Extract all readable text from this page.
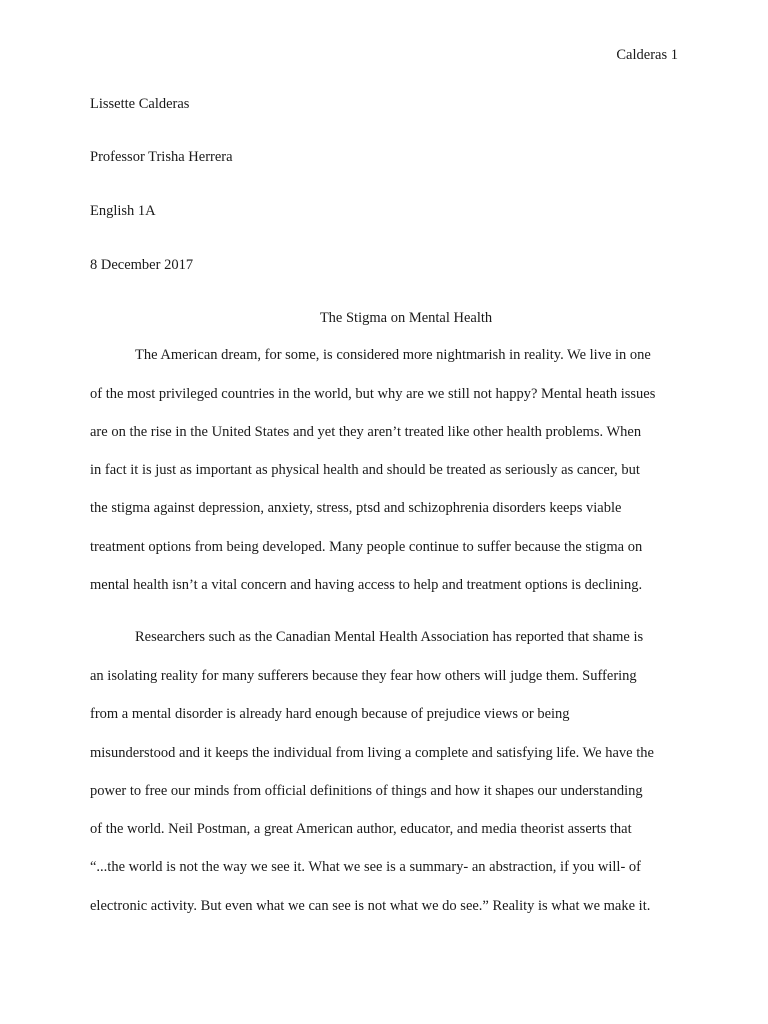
Calderas 1
Lissette Calderas
Professor Trisha Herrera
English 1A
8 December 2017
The Stigma on Mental Health
The American dream, for some, is considered more nightmarish in reality. We live in one
of the most privileged countries in the world, but why are we still not happy? Mental heath issues
are on the rise in the United States and yet they aren’t treated like other health problems. When
in fact it is just as important as physical health and should be treated as seriously as cancer, but
the stigma against depression, anxiety, stress, ptsd and schizophrenia disorders keeps viable
treatment options from being developed. Many people continue to suffer because the stigma on
mental health isn’t a vital concern and having access to help and treatment options is declining.
Researchers such as the Canadian Mental Health Association has reported that shame is
an isolating reality for many sufferers because they fear how others will judge them. Suffering
from a mental disorder is already hard enough because of prejudice views or being
misunderstood and it keeps the individual from living a complete and satisfying life. We have the
power to free our minds from official definitions of things and how it shapes our understanding
of the world. Neil Postman, a great American author, educator, and media theorist asserts that
“...the world is not the way we see it. What we see is a summary- an abstraction, if you will- of
electronic activity. But even what we can see is not what we do see.” Reality is what we make it.
